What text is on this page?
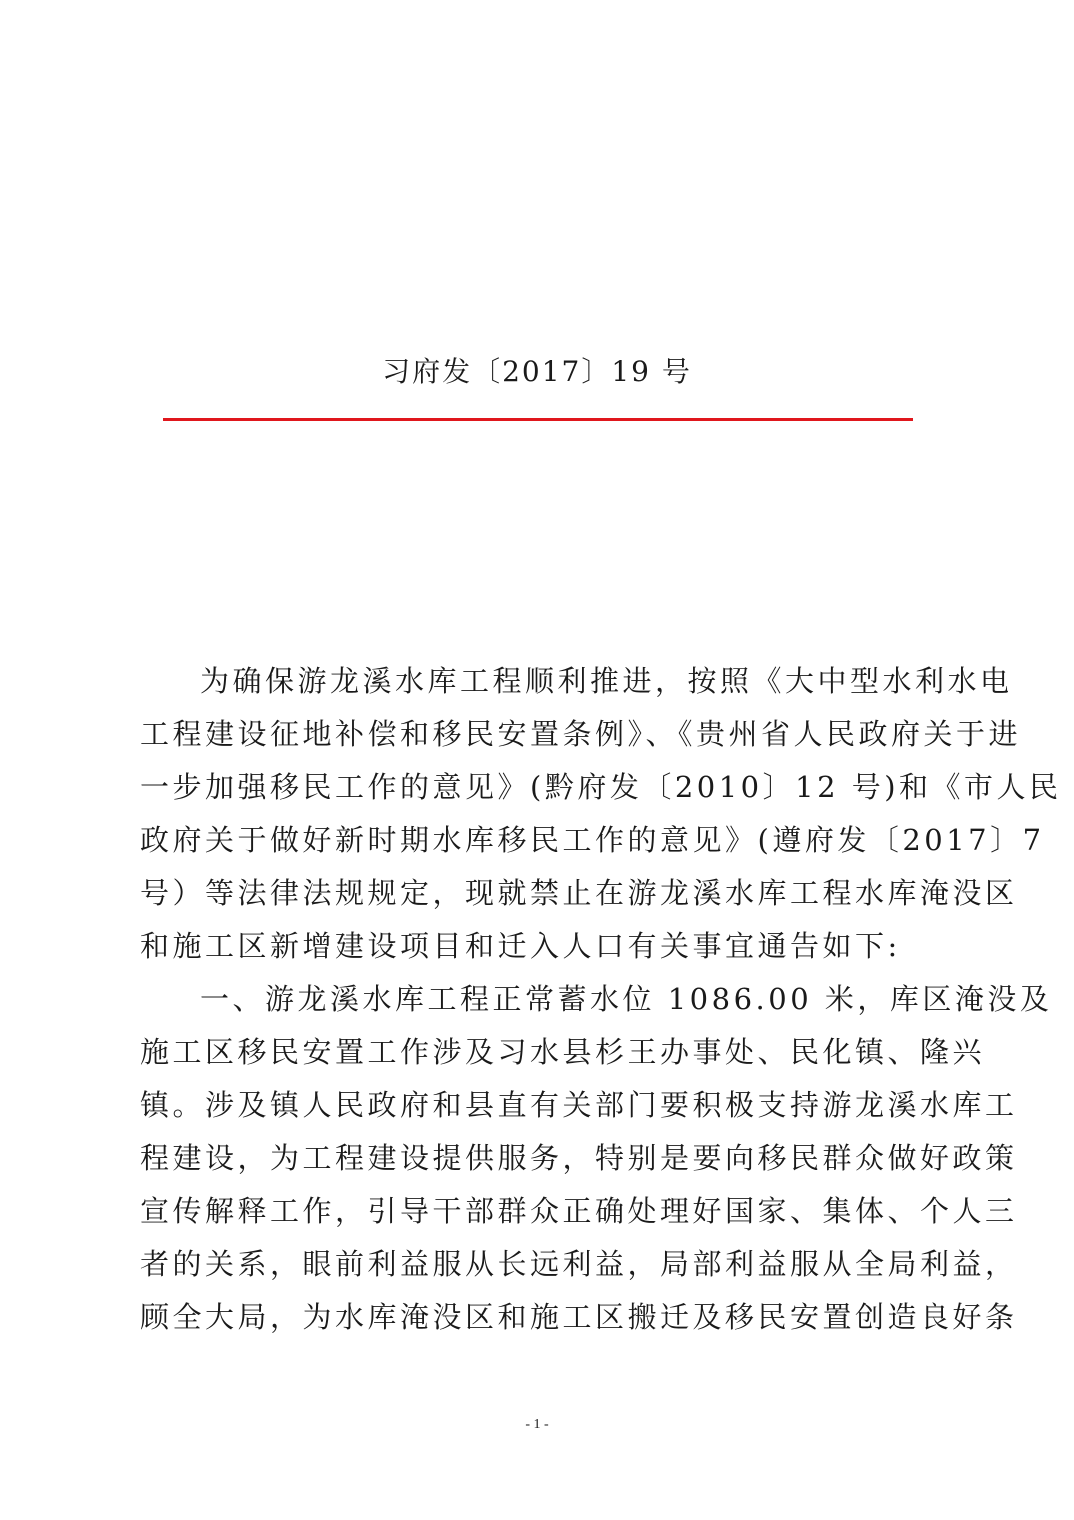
习府发〔2017〕19 号
为确保游龙溪水库工程顺利推进，按照《大中型水利水电
工程建设征地补偿和移民安置条例》、《贵州省人民政府关于进
一步加强移民工作的意见》(黔府发〔2010〕12 号)和《市人民
政府关于做好新时期水库移民工作的意见》(遵府发〔2017〕7
号）等法律法规规定，现就禁止在游龙溪水库工程水库淹没区
和施工区新增建设项目和迁入人口有关事宜通告如下:
一、游龙溪水库工程正常蓄水位 1086.00 米，库区淹没及
施工区移民安置工作涉及习水县杉王办事处、民化镇、隆兴
镇。涉及镇人民政府和县直有关部门要积极支持游龙溪水库工
程建设，为工程建设提供服务，特别是要向移民群众做好政策
宣传解释工作，引导干部群众正确处理好国家、集体、个人三
者的关系，眼前利益服从长远利益，局部利益服从全局利益，
顾全大局，为水库淹没区和施工区搬迁及移民安置创造良好条
- 1 -
